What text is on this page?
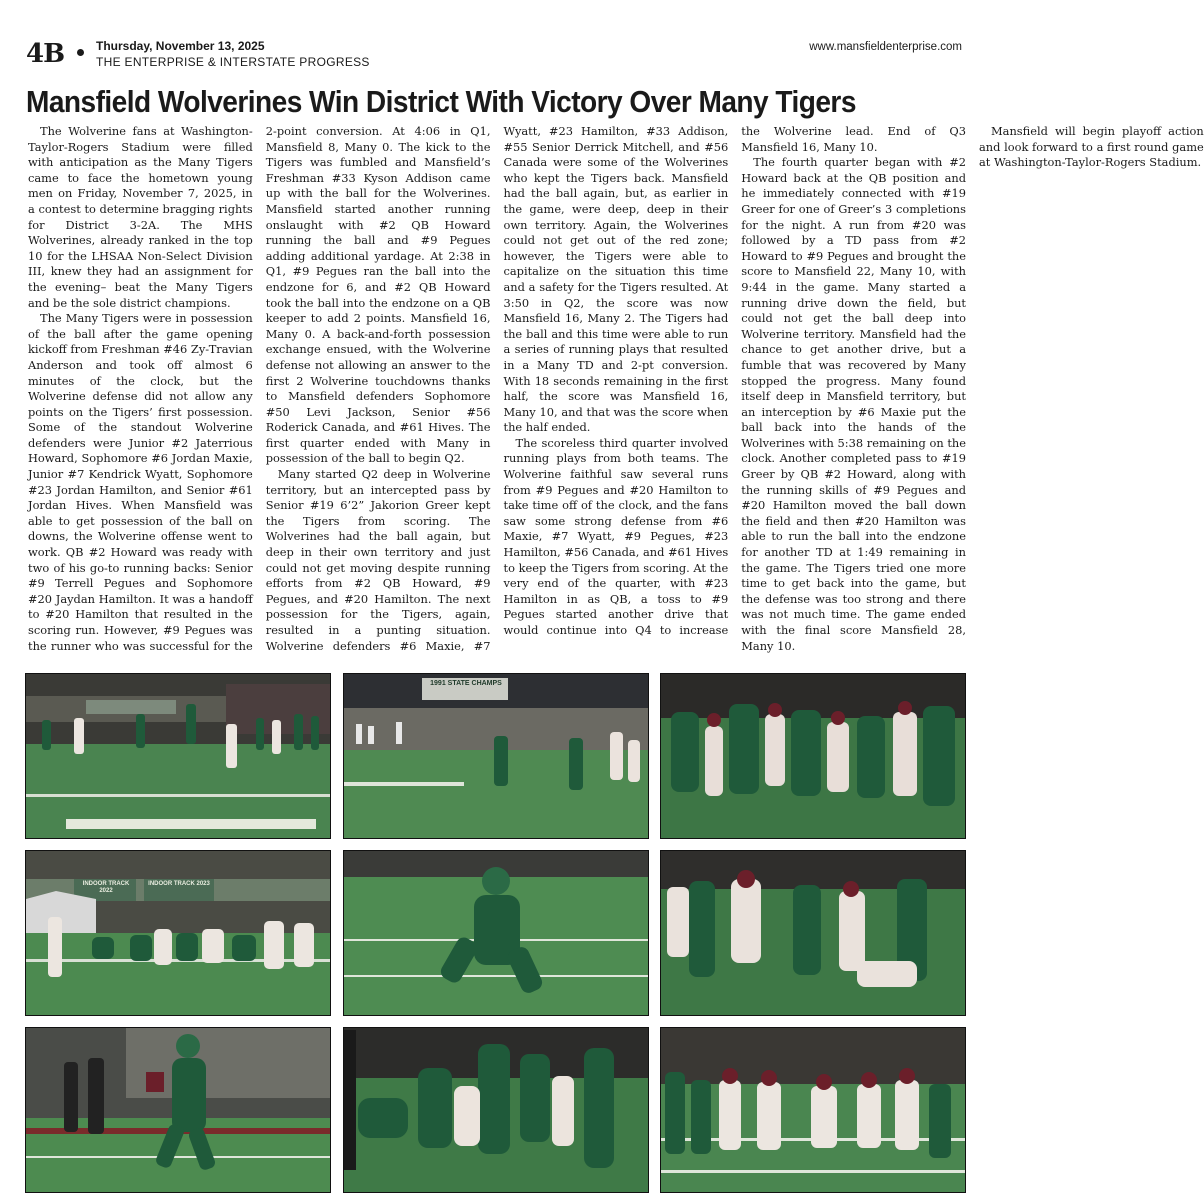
4B	Thursday, November 13, 2025
THE ENTERPRISE & INTERSTATE PROGRESS
www.mansfieldenterprise.com
Mansfield Wolverines Win District With Victory Over Many Tigers

The Wolverine fans at Washington-Taylor-Rogers Stadium were filled with anticipation as the Many Tigers came to face the hometown young men on Friday, November 7, 2025, in a contest to determine bragging rights for District 3-2A. The MHS Wolverines, already ranked in the top 10 for the LHSAA Non-Select Division III, knew they had an assignment for the evening– beat the Many Tigers and be the sole district champions.

The Many Tigers were in possession of the ball after the game opening kickoff from Freshman #46 Zy-Travian Anderson and took off almost 6 minutes of the clock, but the Wolverine defense did not allow any points on the Tigers’ first possession. Some of the standout Wolverine defenders were Junior #2 Jaterrious Howard, Sophomore #6 Jordan Maxie, Junior #7 Kendrick Wyatt, Sophomore #23 Jordan Hamilton, and Senior #61 Jordan Hives. When Mansfield was able to get possession of the ball on downs, the Wolverine offense went to work. QB #2 Howard was ready with two of his go-to running backs: Senior #9 Terrell Pegues and Sophomore #20 Jaydan Hamilton. It was a handoff to #20 Hamilton that resulted in the scoring run. However, #9 Pegues was the runner who was successful for the 2-point conversion. At 4:06 in Q1, Mansfield 8, Many 0. The kick to the Tigers was fumbled and Mansfield’s Freshman #33 Kyson Addison came up with the ball for the Wolverines. Mansfield started another running onslaught with #2 QB Howard running the ball and #9 Pegues adding additional yardage. At 2:38 in Q1, #9 Pegues ran the ball into the endzone for 6, and #2 QB Howard took the ball into the endzone on a QB keeper to add 2 points. Mansfield 16, Many 0. A back-and-forth possession exchange ensued, with the Wolverine defense not allowing an answer to the first 2 Wolverine touchdowns thanks to Mansfield defenders Sophomore #50 Levi Jackson, Senior #56 Roderick Canada, and #61 Hives. The first quarter ended with Many in possession of the ball to begin Q2.

Many started Q2 deep in Wolverine territory, but an intercepted pass by Senior #19 6’2” Jakorion Greer kept the Tigers from scoring. The Wolverines had the ball again, but deep in their own territory and just could not get moving despite running efforts from #2 QB Howard, #9 Pegues, and #20 Hamilton. The next possession for the Tigers, again, resulted in a punting situation. Wolverine defenders #6 Maxie, #7 Wyatt, #23 Hamilton, #33 Addison, #55 Senior Derrick Mitchell, and #56 Canada were some of the Wolverines who kept the Tigers back. Mansfield had the ball again, but, as earlier in the game, were deep, deep in their own territory. Again, the Wolverines could not get out of the red zone; however, the Tigers were able to capitalize on the situation this time and a safety for the Tigers resulted. At 3:50 in Q2, the score was now Mansfield 16, Many 2. The Tigers had the ball and this time were able to run a series of running plays that resulted in a Many TD and 2-pt conversion. With 18 seconds remaining in the first half, the score was Mansfield 16, Many 10, and that was the score when the half ended.

The scoreless third quarter involved running plays from both teams. The Wolverine faithful saw several runs from #9 Pegues and #20 Hamilton to take time off of the clock, and the fans saw some strong defense from #6 Maxie, #7 Wyatt, #9 Pegues, #23 Hamilton, #56 Canada, and #61 Hives to keep the Tigers from scoring. At the very end of the quarter, with #23 Hamilton in as QB, a toss to #9 Pegues started another drive that would continue into Q4 to increase the Wolverine lead. End of Q3 Mansfield 16, Many 10.

The fourth quarter began with #2 Howard back at the QB position and he immediately connected with #19 Greer for one of Greer’s 3 completions for the night. A run from #20 was followed by a TD pass from #2 Howard to #9 Pegues and brought the score to Mansfield 22, Many 10, with 9:44 in the game. Many started a running drive down the field, but could not get the ball deep into Wolverine territory. Mansfield had the chance to get another drive, but a fumble that was recovered by Many stopped the progress. Many found itself deep in Mansfield territory, but an interception by #6 Maxie put the ball back into the hands of the Wolverines with 5:38 remaining on the clock. Another completed pass to #19 Greer by QB #2 Howard, along with the running skills of #9 Pegues and #20 Hamilton moved the ball down the field and then #20 Hamilton was able to run the ball into the endzone for another TD at 1:49 remaining in the game. The Tigers tried one more time to get back into the game, but the defense was too strong and there was not much time. The game ended with the final score Mansfield 28, Many 10.

Mansfield will begin playoff action and look forward to a first round game at Washington-Taylor-Rogers Stadium.

1991 STATE CHAMPS
INDOOR TRACK 2022
INDOOR TRACK 2023
